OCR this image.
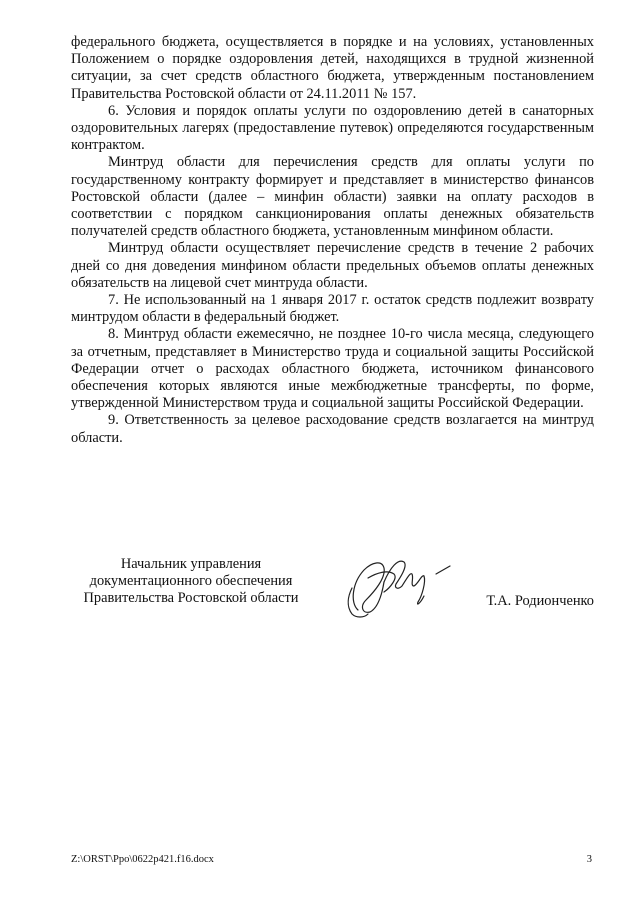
федерального бюджета, осуществляется в порядке и на условиях, установленных Положением о порядке оздоровления детей, находящихся в трудной жизненной ситуации, за счет средств областного бюджета, утвержденным постановлением Правительства Ростовской области от 24.11.2011 № 157.

6. Условия и порядок оплаты услуги по оздоровлению детей в санаторных оздоровительных лагерях (предоставление путевок) определяются государственным контрактом.

Минтруд области для перечисления средств для оплаты услуги по государственному контракту формирует и представляет в министерство финансов Ростовской области (далее – минфин области) заявки на оплату расходов в соответствии с порядком санкционирования оплаты денежных обязательств получателей средств областного бюджета, установленным минфином области.

Минтруд области осуществляет перечисление средств в течение 2 рабочих дней со дня доведения минфином области предельных объемов оплаты денежных обязательств на лицевой счет минтруда области.

7. Не использованный на 1 января 2017 г. остаток средств подлежит возврату минтрудом области в федеральный бюджет.

8. Минтруд области ежемесячно, не позднее 10-го числа месяца, следующего за отчетным, представляет в Министерство труда и социальной защиты Российской Федерации отчет о расходах областного бюджета, источником финансового обеспечения которых являются иные межбюджетные трансферты, по форме, утвержденной Министерством труда и социальной защиты Российской Федерации.

9. Ответственность за целевое расходование средств возлагается на минтруд области.

Начальник управления
документационного обеспечения
Правительства Ростовской области	Т.А. Родионченко
Z:\ORST\Ppo\0622p421.f16.docx	3
